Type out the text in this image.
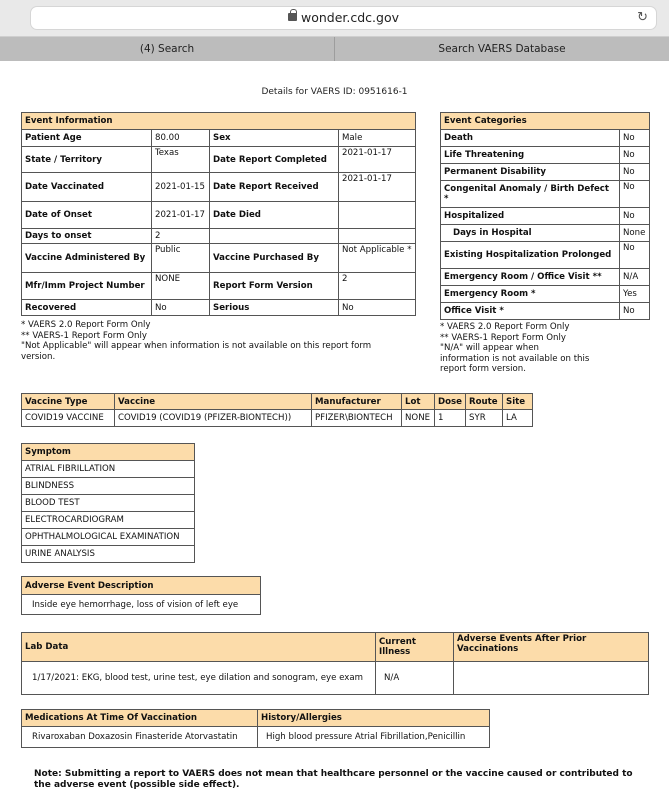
wonder.cdc.gov	↻
(4) Search	Search VAERS Database
Details for VAERS ID: 0951616-1
Event Information			
Patient Age	80.00	Sex	Male
State / Territory	Texas	Date Report Completed	2021-01-17
Date Vaccinated	2021-01-15	Date Report Received	2021-01-17
Date of Onset	2021-01-17	Date Died	
Days to onset	2		
Vaccine Administered By	Public	Vaccine Purchased By	Not Applicable *
Mfr/Imm Project Number	NONE	Report Form Version	2
Recovered	No	Serious	No
* VAERS 2.0 Report Form Only
** VAERS-1 Report Form Only
"Not Applicable" will appear when information is not available on this report form version.
Event Categories	
Death	No
Life Threatening	No
Permanent Disability	No
Congenital Anomaly / Birth Defect *	No
Hospitalized	No
Days in Hospital	None
Existing Hospitalization Prolonged	No
Emergency Room / Office Visit **	N/A
Emergency Room *	Yes
Office Visit *	No
* VAERS 2.0 Report Form Only
** VAERS-1 Report Form Only
"N/A" will appear when information is not available on this report form version.
Vaccine Type	Vaccine	Manufacturer	Lot	Dose	Route	Site
COVID19 VACCINE	COVID19 (COVID19 (PFIZER-BIONTECH))	PFIZER\BIONTECH	NONE	1	SYR	LA
Symptom
ATRIAL FIBRILLATION
BLINDNESS
BLOOD TEST
ELECTROCARDIOGRAM
OPHTHALMOLOGICAL EXAMINATION
URINE ANALYSIS
Adverse Event Description
Inside eye hemorrhage, loss of vision of left eye
Lab Data	Current Illness	Adverse Events After Prior Vaccinations
1/17/2021: EKG, blood test, urine test, eye dilation and sonogram, eye exam	N/A	
Medications At Time Of Vaccination	History/Allergies
Rivaroxaban Doxazosin Finasteride Atorvastatin	High blood pressure Atrial Fibrillation,Penicillin
Note: Submitting a report to VAERS does not mean that healthcare personnel or the vaccine caused or contributed to the adverse event (possible side effect).
